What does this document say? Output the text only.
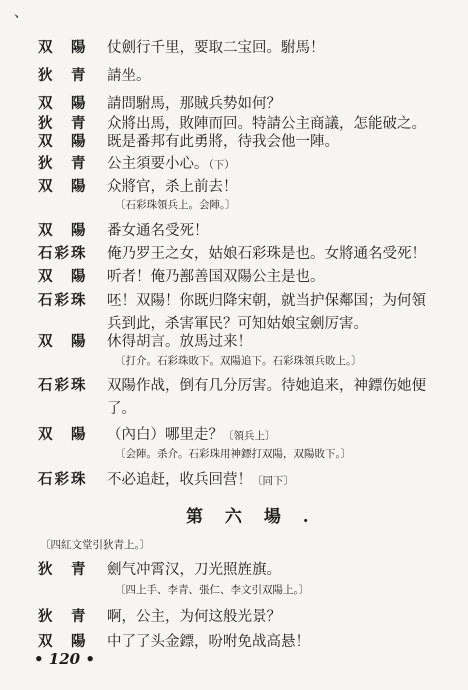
、
双　陽	仗劍行千里，要取二宝回。駙馬！
狄　青	請坐。
双　陽	請問駙馬，那賊兵势如何？
狄　青	众將出馬，敗陣而回。特請公主商議，怎能破之。
双　陽	既是番邦有此勇將，待我会他一陣。
狄　青	公主須要小心。（下）
双　陽	众將官，杀上前去！
〔石彩珠領兵上。会陣。〕
双　陽	番女通名受死！
石彩珠	俺乃罗王之女，姑娘石彩珠是也。女將通名受死！
双　陽	听者！俺乃鄯善国双陽公主是也。
石彩珠	呸！双陽！你既归降宋朝，就当护保鄰国；为何領
兵到此，杀害軍民？可知姑娘宝劍厉害。
双　陽	休得胡言。放馬过来！
〔打介。石彩珠敗下。双陽追下。石彩珠領兵敗上。〕
石彩珠	双陽作战，倒有几分厉害。待她追来，神鏢伤她便
了。
双　陽	（內白）哪里走？〔領兵上〕
〔会陣。杀介。石彩珠用神鏢打双陽，双陽敗下。〕
石彩珠	不必追赶，收兵回营！〔同下〕
第 六 場 .
〔四紅文堂引狄青上。〕
狄　青	劍气冲霄汉，刀光照旌旗。
〔四上手、李青、張仁、李文引双陽上。〕
狄　青	啊，公主，为何这般光景？
双　陽	中了了头金鏢，吩咐免战高悬！
• 120 •
